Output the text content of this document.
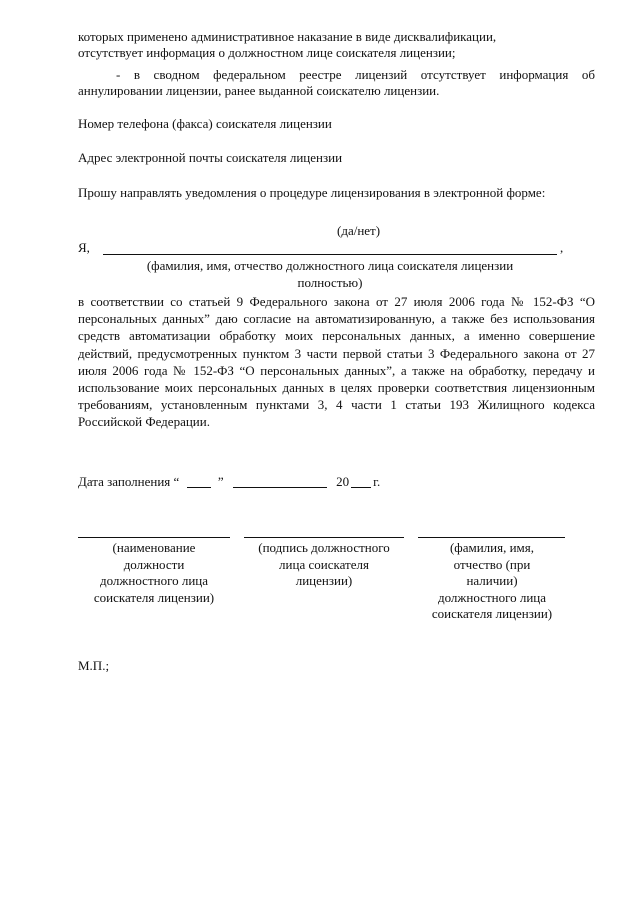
которых применено административное наказание в виде дисквалификации,

отсутствует информация о должностном лице соискателя лицензии;

- в сводном федеральном реестре лицензий отсутствует информация об аннулировании лицензии, ранее выданной соискателю лицензии.

Номер телефона (факса) соискателя лицензии

Адрес электронной почты соискателя лицензии

Прошу направлять уведомления о процедуре лицензирования в электронной форме:

(да/нет)

Я,	,

(фамилия, имя, отчество должностного лица соискателя лицензии

полностью)

в соответствии со статьей 9 Федерального закона от 27 июля 2006 года № 152-ФЗ “О персональных данных” даю согласие на автоматизированную, а также без использования средств автоматизации обработку моих персональных данных, а именно совершение действий, предусмотренных пунктом 3 части первой статьи 3 Федерального закона от 27 июля 2006 года № 152-ФЗ “О персональных данных”, а также на обработку, передачу и использование моих персональных данных в целях проверки соответствия лицензионным требованиям, установленным пунктами 3, 4 части 1 статьи 193 Жилищного кодекса Российской Федерации.

Дата заполнения “	”	20 г.
(наименование
должности
должностного лица
соискателя лицензии)
(подпись должностного
лица соискателя
лицензии)
(фамилия, имя,
отчество (при
наличии)
должностного лица
соискателя лицензии)

М.П.;
